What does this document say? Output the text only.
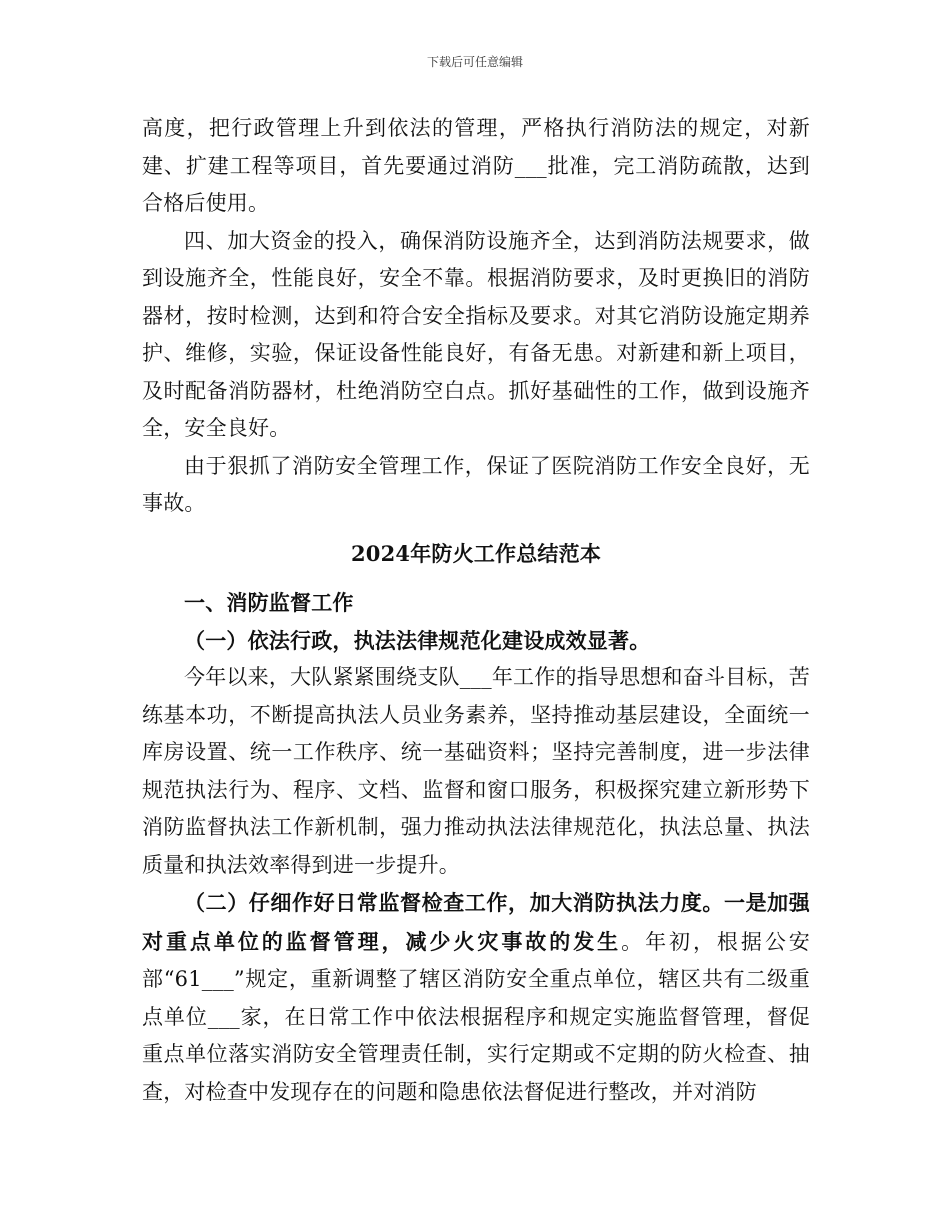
下载后可任意编辑

高度，把行政管理上升到依法的管理，严格执行消防法的规定，对新建、扩建工程等项目，首先要通过消防___批准，完工消防疏散，达到合格后使用。

四、加大资金的投入，确保消防设施齐全，达到消防法规要求，做到设施齐全，性能良好，安全不靠。根据消防要求，及时更换旧的消防器材，按时检测，达到和符合安全指标及要求。对其它消防设施定期养护、维修，实验，保证设备性能良好，有备无患。对新建和新上项目，及时配备消防器材，杜绝消防空白点。抓好基础性的工作，做到设施齐全，安全良好。

由于狠抓了消防安全管理工作，保证了医院消防工作安全良好，无事故。

2024年防火工作总结范本

一、消防监督工作

（一）依法行政，执法法律规范化建设成效显著。

今年以来，大队紧紧围绕支队___年工作的指导思想和奋斗目标，苦练基本功，不断提高执法人员业务素养，坚持推动基层建设，全面统一库房设置、统一工作秩序、统一基础资料；坚持完善制度，进一步法律规范执法行为、程序、文档、监督和窗口服务，积极探究建立新形势下消防监督执法工作新机制，强力推动执法法律规范化，执法总量、执法质量和执法效率得到进一步提升。

（二）仔细作好日常监督检查工作，加大消防执法力度。一是加强对重点单位的监督管理，减少火灾事故的发生。年初，根据公安部“61___”规定，重新调整了辖区消防安全重点单位，辖区共有二级重点单位___家，在日常工作中依法根据程序和规定实施监督管理，督促重点单位落实消防安全管理责任制，实行定期或不定期的防火检查、抽查，对检查中发现存在的问题和隐患依法督促进行整改，并对消防
